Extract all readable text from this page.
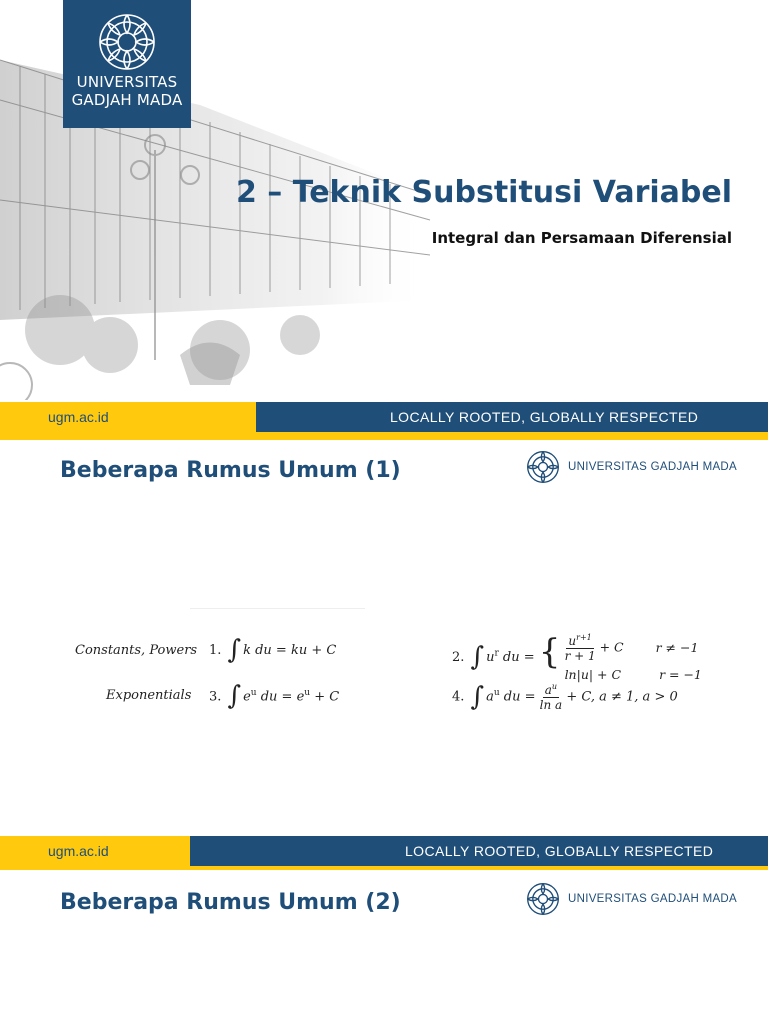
UNIVERSITAS
GADJAH MADA
2 – Teknik Substitusi Variabel
Integral dan Persamaan Diferensial
ugm.ac.id	LOCALLY ROOTED, GLOBALLY RESPECTED
Beberapa Rumus Umum (1)	UNIVERSITAS GADJAH MADA
Constants, Powers 1. ∫ k du = ku + C
Exponentials 3. ∫ $e^u$ du = $e^u + C$
2. ∫ $u^r$ du = { $\frac{u^{r+1}}{r + 1} + C$	r ≠ −1
ln|u| + C	r = −1
4. ∫ $a^u$ du = $\frac{a^u}{\text{ln a}} + C$, a ≠ 1, a > 0
ugm.ac.id	LOCALLY ROOTED, GLOBALLY RESPECTED
Beberapa Rumus Umum (2)	UNIVERSITAS GADJAH MADA
